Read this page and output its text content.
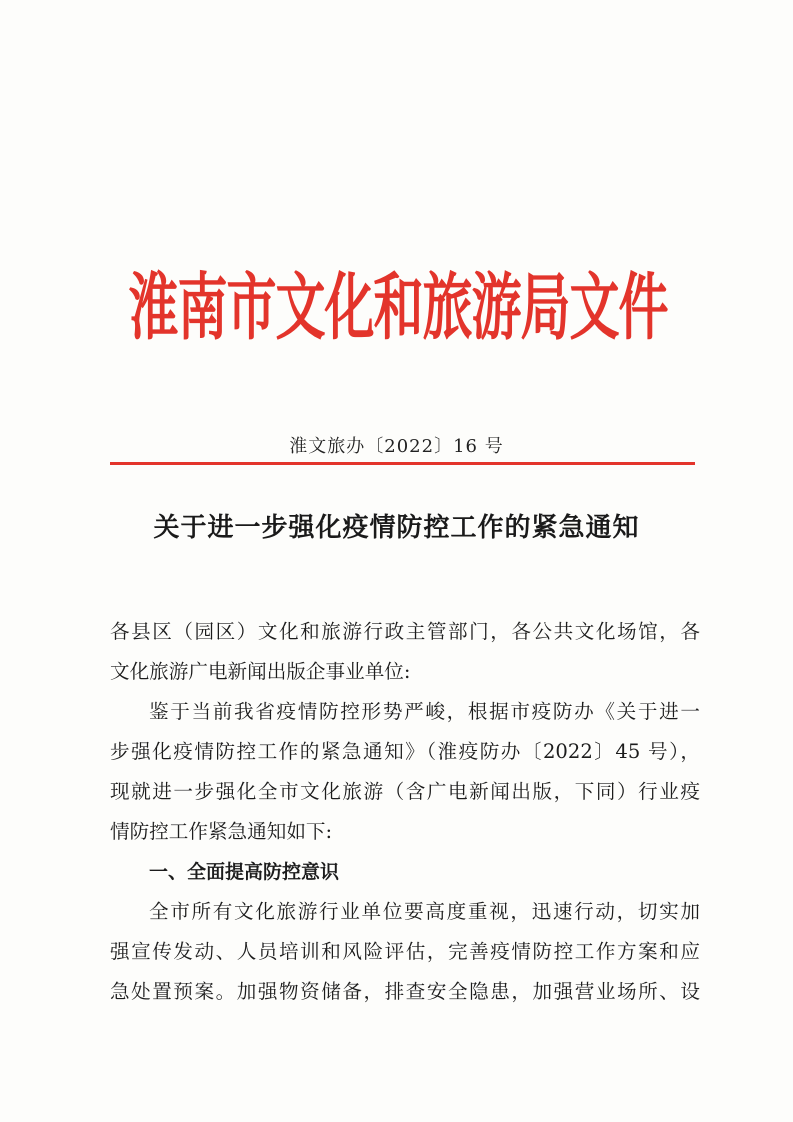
淮南市文化和旅游局文件
淮文旅办〔2022〕16 号
关于进一步强化疫情防控工作的紧急通知
各县区（园区）文化和旅游行政主管部门，各公共文化场馆，各
文化旅游广电新闻出版企事业单位:
鉴于当前我省疫情防控形势严峻，根据市疫防办《关于进一
步强化疫情防控工作的紧急通知》（淮疫防办〔2022〕45 号），
现就进一步强化全市文化旅游（含广电新闻出版，下同）行业疫
情防控工作紧急通知如下:
一、全面提高防控意识
全市所有文化旅游行业单位要高度重视，迅速行动，切实加
强宣传发动、人员培训和风险评估，完善疫情防控工作方案和应
急处置预案。加强物资储备，排查安全隐患，加强营业场所、设
